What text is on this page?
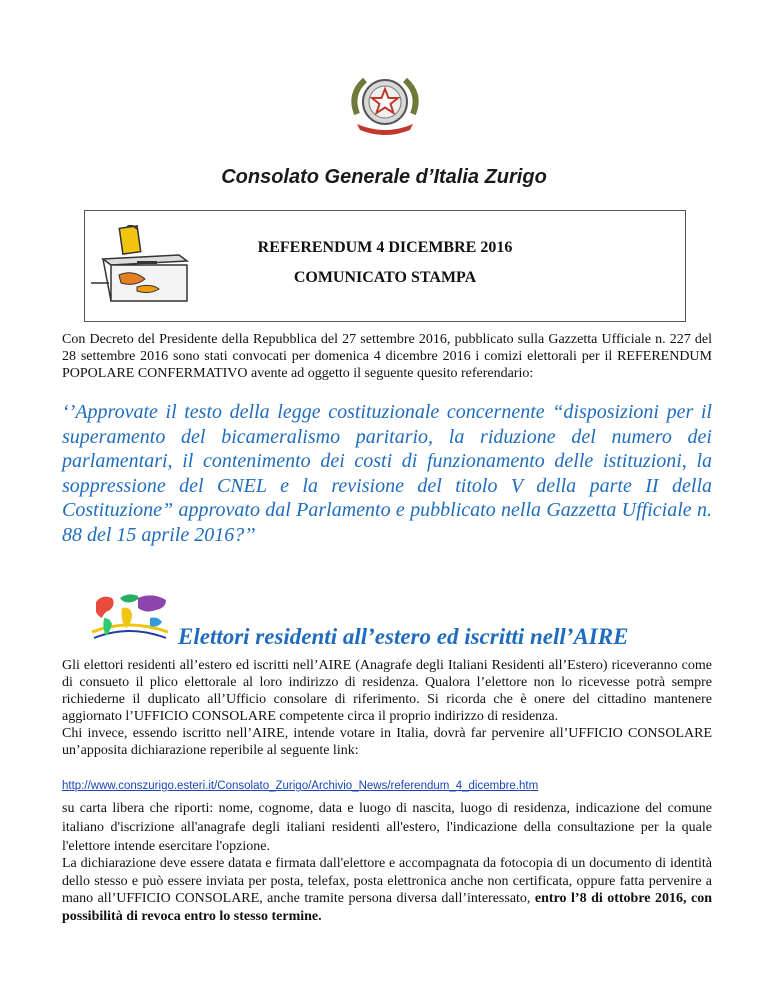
Consolato Generale d’Italia Zurigo
REFERENDUM 4 DICEMBRE 2016
COMUNICATO STAMPA
Con Decreto del Presidente della Repubblica del 27 settembre 2016, pubblicato sulla Gazzetta Ufficiale n. 227 del 28 settembre 2016 sono stati convocati per domenica 4 dicembre 2016 i comizi elettorali per il REFERENDUM POPOLARE CONFERMATIVO avente ad oggetto il seguente quesito referendario:
‘’Approvate il testo della legge costituzionale concernente “disposizioni per il superamento del bicameralismo paritario, la riduzione del numero dei parlamentari, il contenimento dei costi di funzionamento delle istituzioni, la soppressione del CNEL e la revisione del titolo V della parte II della Costituzione” approvato dal Parlamento e pubblicato nella Gazzetta Ufficiale n. 88 del 15 aprile 2016?’’
Elettori residenti all’estero ed iscritti nell’AIRE
Gli elettori residenti all’estero ed iscritti nell’AIRE (Anagrafe degli Italiani Residenti all’Estero) riceveranno come di consueto il plico elettorale al loro indirizzo di residenza. Qualora l’elettore non lo ricevesse potrà sempre richiederne il duplicato all’Ufficio consolare di riferimento. Si ricorda che è onere del cittadino mantenere aggiornato l’UFFICIO CONSOLARE competente circa il proprio indirizzo di residenza.
Chi invece, essendo iscritto nell’AIRE, intende votare in Italia, dovrà far pervenire all’UFFICIO CONSOLARE un’apposita dichiarazione reperibile al seguente link:
http://www.conszurigo.esteri.it/Consolato_Zurigo/Archivio_News/referendum_4_dicembre.htm
su carta libera che riporti: nome, cognome, data e luogo di nascita, luogo di residenza, indicazione del comune italiano d'iscrizione all'anagrafe degli italiani residenti all'estero, l'indicazione della consultazione per la quale l'elettore intende esercitare l'opzione.
La dichiarazione deve essere datata e firmata dall'elettore e accompagnata da fotocopia di un documento di identità dello stesso e può essere inviata per posta, telefax, posta elettronica anche non certificata, oppure fatta pervenire a mano all’UFFICIO CONSOLARE, anche tramite persona diversa dall’interessato, entro l’8 di ottobre 2016, con possibilità di revoca entro lo stesso termine.
